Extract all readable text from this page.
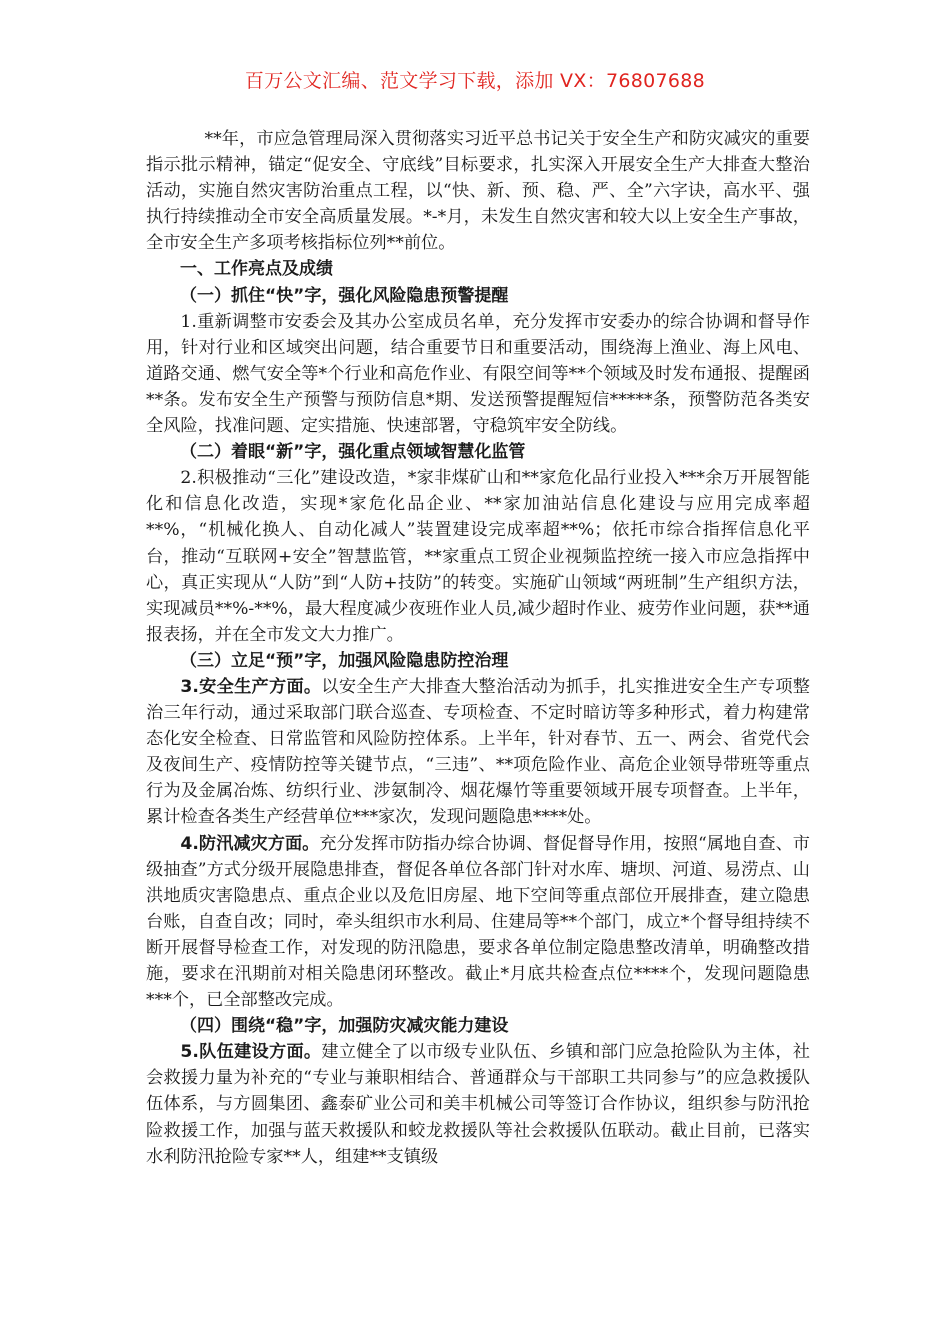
百万公文汇编、范文学习下载，添加 VX：76807688

**年，市应急管理局深入贯彻落实习近平总书记关于安全生产和防灾减灾的重要指示批示精神，锚定“促安全、守底线”目标要求，扎实深入开展安全生产大排查大整治活动，实施自然灾害防治重点工程，以“快、新、预、稳、严、全”六字诀，高水平、强执行持续推动全市安全高质量发展。*-*月，未发生自然灾害和较大以上安全生产事故，全市安全生产多项考核指标位列**前位。

一、工作亮点及成绩

（一）抓住“快”字，强化风险隐患预警提醒

1.重新调整市安委会及其办公室成员名单，充分发挥市安委办的综合协调和督导作用，针对行业和区域突出问题，结合重要节日和重要活动，围绕海上渔业、海上风电、道路交通、燃气安全等*个行业和高危作业、有限空间等**个领域及时发布通报、提醒函**条。发布安全生产预警与预防信息*期、发送预警提醒短信*****条，预警防范各类安全风险，找准问题、定实措施、快速部署，守稳筑牢安全防线。

（二）着眼“新”字，强化重点领域智慧化监管

2.积极推动“三化”建设改造，*家非煤矿山和**家危化品行业投入***余万开展智能化和信息化改造，实现*家危化品企业、**家加油站信息化建设与应用完成率超**%，“机械化换人、自动化减人”装置建设完成率超**%；依托市综合指挥信息化平台，推动“互联网+安全”智慧监管，**家重点工贸企业视频监控统一接入市应急指挥中心，真正实现从“人防”到“人防+技防”的转变。实施矿山领域“两班制”生产组织方法，实现减员**%-**%，最大程度减少夜班作业人员,减少超时作业、疲劳作业问题，获**通报表扬，并在全市发文大力推广。

（三）立足“预”字，加强风险隐患防控治理

3.安全生产方面。以安全生产大排查大整治活动为抓手，扎实推进安全生产专项整治三年行动，通过采取部门联合巡查、专项检查、不定时暗访等多种形式，着力构建常态化安全检查、日常监管和风险防控体系。上半年，针对春节、五一、两会、省党代会及夜间生产、疫情防控等关键节点，“三违”、**项危险作业、高危企业领导带班等重点行为及金属冶炼、纺织行业、涉氨制冷、烟花爆竹等重要领域开展专项督查。上半年，累计检查各类生产经营单位***家次，发现问题隐患****处。

4.防汛减灾方面。充分发挥市防指办综合协调、督促督导作用，按照“属地自查、市级抽查”方式分级开展隐患排查，督促各单位各部门针对水库、塘坝、河道、易涝点、山洪地质灾害隐患点、重点企业以及危旧房屋、地下空间等重点部位开展排查，建立隐患台账，自查自改；同时，牵头组织市水利局、住建局等**个部门，成立*个督导组持续不断开展督导检查工作，对发现的防汛隐患，要求各单位制定隐患整改清单，明确整改措施，要求在汛期前对相关隐患闭环整改。截止*月底共检查点位****个，发现问题隐患***个，已全部整改完成。

（四）围绕“稳”字，加强防灾减灾能力建设

5.队伍建设方面。建立健全了以市级专业队伍、乡镇和部门应急抢险队为主体，社会救援力量为补充的“专业与兼职相结合、普通群众与干部职工共同参与”的应急救援队伍体系，与方圆集团、鑫泰矿业公司和美丰机械公司等签订合作协议，组织参与防汛抢险救援工作，加强与蓝天救援队和蛟龙救援队等社会救援队伍联动。截止目前，已落实水利防汛抢险专家**人，组建**支镇级
